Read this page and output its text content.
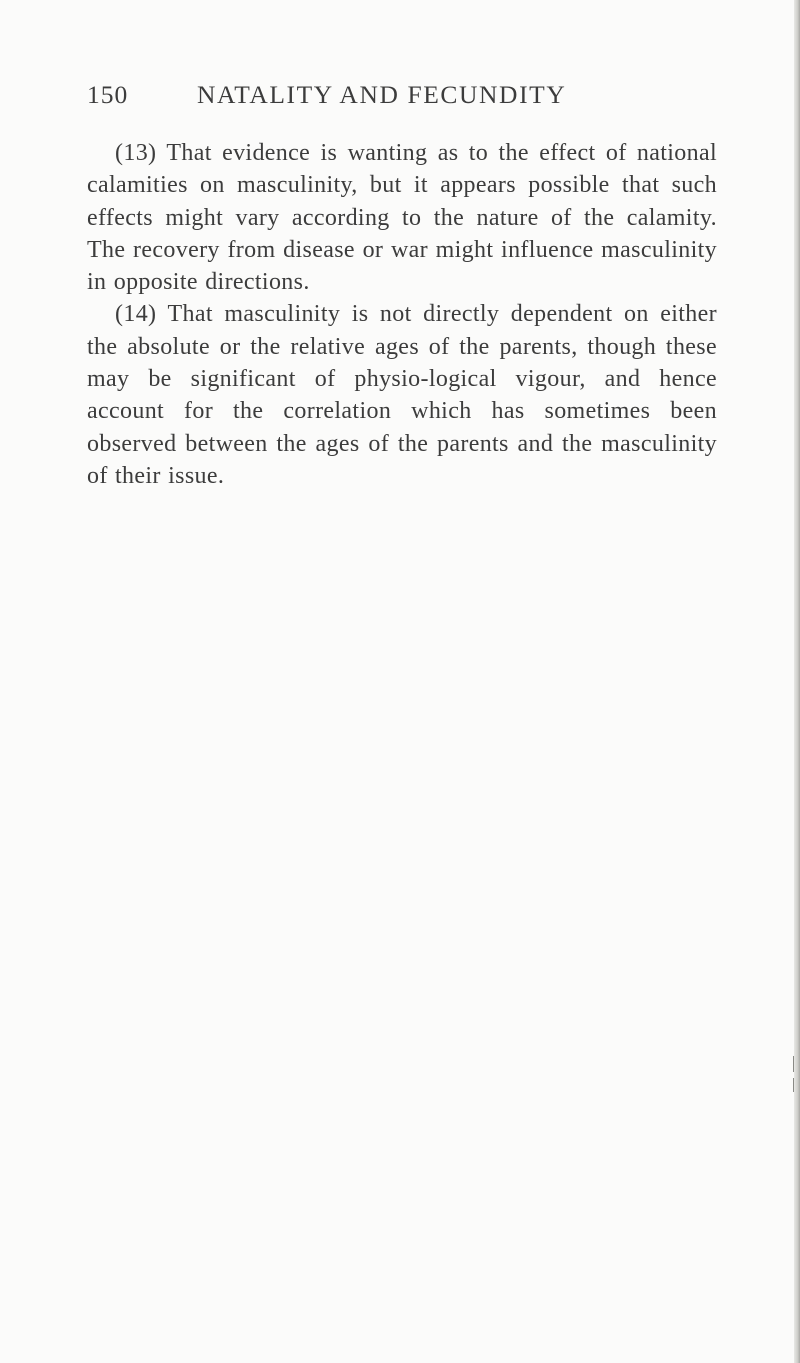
150	NATALITY AND FECUNDITY

(13) That evidence is wanting as to the effect of national calamities on masculinity, but it appears possible that such effects might vary according to the nature of the calamity. The recovery from disease or war might influence masculinity in opposite directions.

(14) That masculinity is not directly dependent on either the absolute or the relative ages of the parents, though these may be significant of physio-logical vigour, and hence account for the correlation which has sometimes been observed between the ages of the parents and the masculinity of their issue.
